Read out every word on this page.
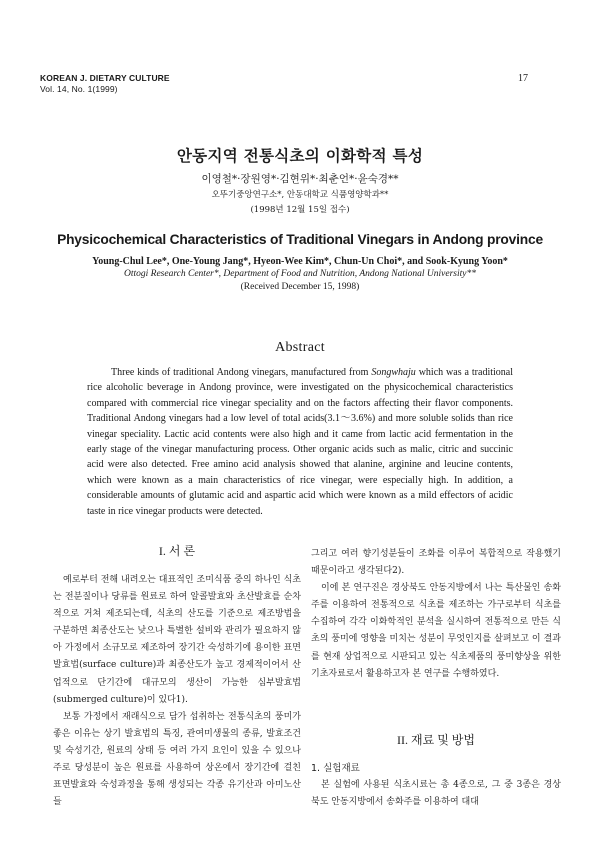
KOREAN J. DIETARY CULTURE
Vol. 14, No. 1(1999)
17
안동지역 전통식초의 이화학적 특성
이영철*·장원영*·김현위*·최춘언*·윤숙경**
오뚜기중앙연구소*, 안동대학교 식품영양학과**
(1998년 12월 15일 접수)
Physicochemical Characteristics of Traditional Vinegars in Andong province
Young-Chul Lee*, One-Young Jang*, Hyeon-Wee Kim*, Chun-Un Choi*, and Sook-Kyung Yoon*
Ottogi Research Center*, Department of Food and Nutrition, Andong National University**
(Received December 15, 1998)
Abstract

Three kinds of traditional Andong vinegars, manufactured from Songwhaju which was a traditional rice alcoholic beverage in Andong province, were investigated on the physicochemical characteristics compared with commercial rice vinegar speciality and on the factors affecting their flavor components. Traditional Andong vinegars had a low level of total acids(3.1～3.6%) and more soluble solids than rice vinegar speciality. Lactic acid contents were also high and it came from lactic acid fermentation in the early stage of the vinegar manufacturing process. Other organic acids such as malic, citric and succinic acid were also detected. Free amino acid analysis showed that alanine, arginine and leucine contents, which were known as a main characteristics of rice vinegar, were especially high. In addition, a considerable amounts of glutamic acid and aspartic acid which were known as a mild effectors of acidic taste in rice vinegar products were detected.

I. 서 론

예로부터 전해 내려오는 대표적인 조미식품 중의 하나인 식초는 전분질이나 당류를 원료로 하여 알콜발효와 초산발효를 순차적으로 거쳐 제조되는데, 식초의 산도를 기준으로 제조방법을 구분하면 최종산도는 낮으나 특별한 설비와 관리가 필요하지 않아 가정에서 소규모로 제조하여 장기간 숙성하기에 용이한 표면 발효법(surface culture)과 최종산도가 높고 경제적이어서 산업적으로 단기간에 대규모의 생산이 가능한 심부발효법(submerged culture)이 있다1).

보통 가정에서 재래식으로 담가 섭취하는 전통식초의 풍미가 좋은 이유는 상기 발효법의 특징, 관여미생물의 종류, 발효조건 및 숙성기간, 원료의 상태 등 여러 가지 요인이 있을 수 있으나 주로 당성분이 높은 원료를 사용하여 상온에서 장기간에 걸친 표면발효와 숙성과정을 통해 생성되는 각종 유기산과 아미노산들

그리고 여러 향기성분들이 조화를 이루어 복합적으로 작용했기 때문이라고 생각된다2).

이에 본 연구진은 경상북도 안동지방에서 나는 특산물인 송화주를 이용하여 전통적으로 식초를 제조하는 가구로부터 식초를 수집하여 각각 이화학적인 분석을 실시하여 전통적으로 만든 식초의 풍미에 영향을 미치는 성분이 무엇인지를 살펴보고 이 결과를 현재 상업적으로 시판되고 있는 식초제품의 풍미향상을 위한 기초자료로서 활용하고자 본 연구를 수행하였다.

II. 재료 및 방법
1. 실험재료

본 실험에 사용된 식초시료는 총 4종으로, 그 중 3종은 경상북도 안동지방에서 송화주를 이용하여 대대
